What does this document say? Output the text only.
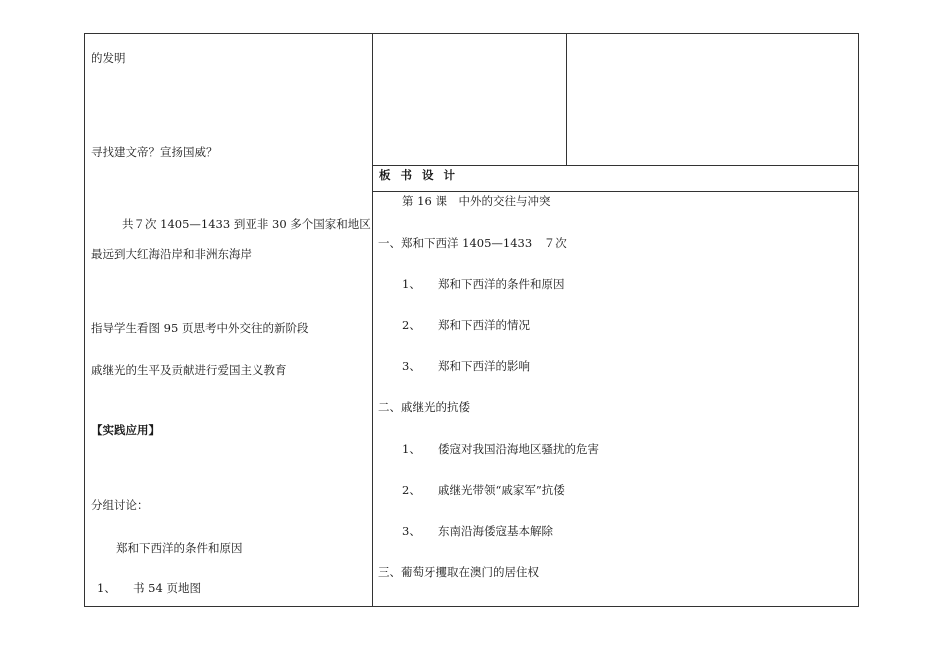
的发明
寻找建文帝？宣扬国威？
共７次 1405—1433 到亚非 30 多个国家和地区
最远到大红海沿岸和非洲东海岸
指导学生看图 95 页思考中外交往的新阶段
戚继光的生平及贡献进行爱国主义教育
【实践应用】
分组讨论：
郑和下西洋的条件和原因
1、 书 54 页地图
板书设计
第 16 课　中外的交往与冲突
一、郑和下西洋 1405—1433　７次
1、 郑和下西洋的条件和原因
2、 郑和下西洋的情况
3、 郑和下西洋的影响
二、戚继光的抗倭
1、 倭寇对我国沿海地区骚扰的危害
2、 戚继光带领“戚家军”抗倭
3、 东南沿海倭寇基本解除
三、葡萄牙攫取在澳门的居住权
